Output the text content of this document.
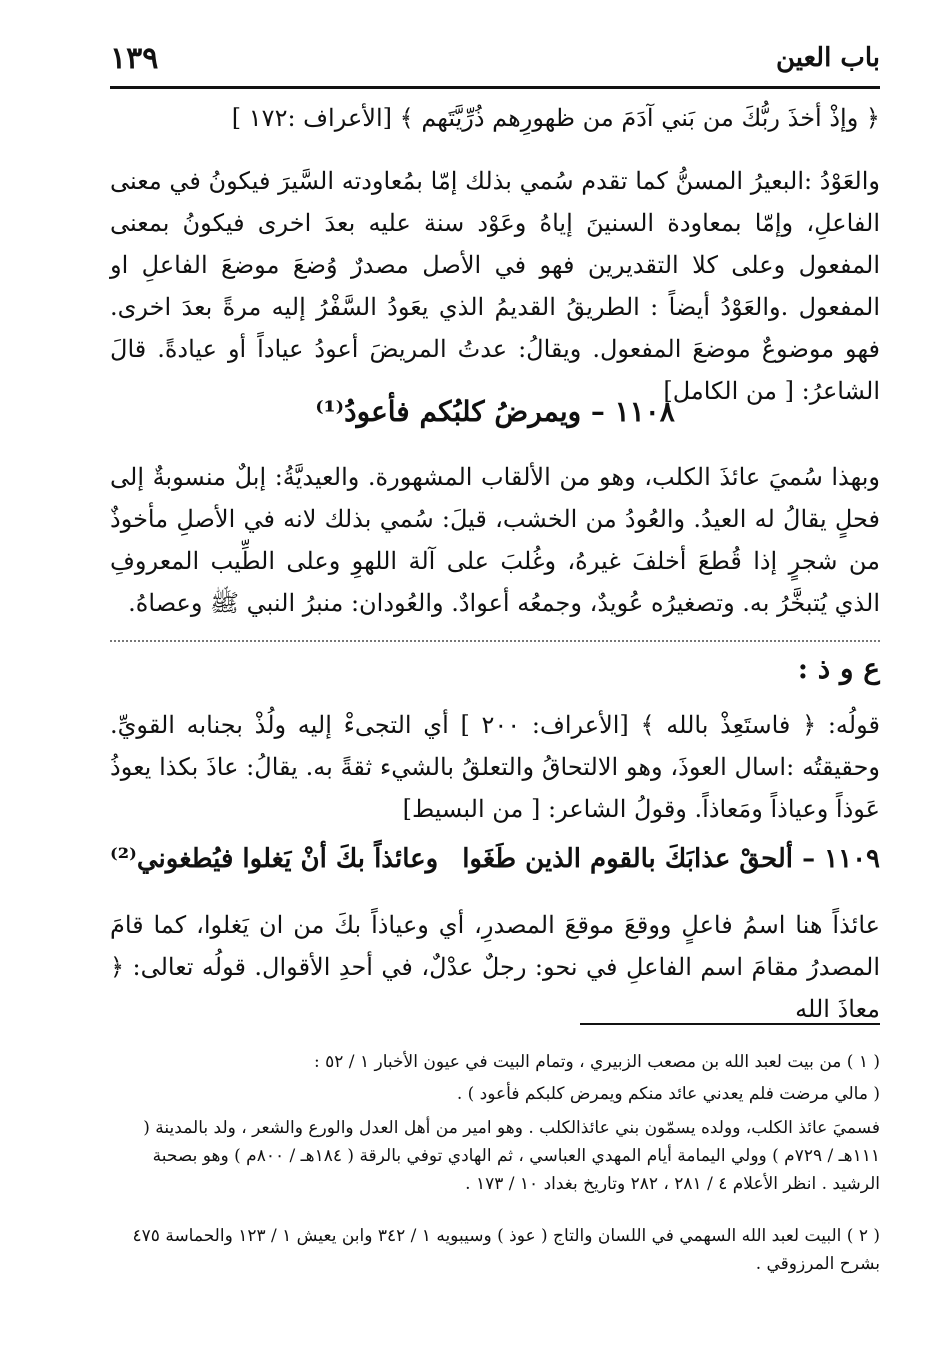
١٣٩	باب العين
﴿ وإذْ أخذَ ربُّكَ من بَني آدَمَ من ظهورِهم ذُرِّيَّتَهم ﴾ [الأعراف :١٧٢ ]
والعَوْدُ :البعيرُ المسنُّ كما تقدم سُمي بذلك إمّا بمُعاودته السَّيرَ فيكونُ في معنى الفاعلِ، وإمّا بمعاودة السنينَ إياهُ وعَوْد سنة عليه بعدَ اخرى فيكونُ بمعنى المفعول وعلى كلا التقديرين فهو في الأصل مصدرٌ وُضعَ موضعَ الفاعلِ او المفعول .والعَوْدُ أيضاً : الطريقُ القديمُ الذي يعَودُ السَّفْرُ إليه مرةً بعدَ اخرى. فهو موضوعٌ موضعَ المفعول. ويقالُ: عدتُ المريضَ أعودُ عياداً أو عيادةً. قالَ الشاعرُ: [ من الكامل]
١١٠٨ – ويمرضُ كلبُكم فأعودُ⁽¹⁾
وبهذا سُميَ عائذَ الكلب، وهو من الألقاب المشهورة. والعيديَّةُ: إبلٌ منسوبةٌ إلى فحلٍ يقالُ له العيدُ. والعُودُ من الخشب، قيلَ: سُمي بذلك لانه في الأصلِ مأخوذٌ من شجرٍ إذا قُطعَ أخلفَ غيرهُ، وغُلبَ على آلة اللهوِ وعلى الطِّيب المعروفِ الذي يُتبخَّرُ به. وتصغيرُه عُويدٌ، وجمعُه أعوادٌ. والعُودان: منبرُ النبي ﷺ وعصاهُ.
ع و ذ :
قولُه: ﴿ فاستَعِذْ بالله ﴾ [الأعراف: ٢٠٠ ] أي التجىءْ إليه ولُذْ بجنابه القويِّ. وحقيقتُه :اسال العوذَ، وهو الالتحاقُ والتعلقُ بالشيء ثقةً به. يقالُ: عاذَ بكذا يعوذُ عَوذاً وعياذاً ومَعاذاً. وقولُ الشاعر: [ من البسيط]
١١٠٩ – ألحقْ عذابَكَ بالقوم الذين طَغَوا
وعائذاً بكَ أنْ يَغلوا فيُطغوني⁽²⁾
عائذاً هنا اسمُ فاعلٍ ووقعَ موقعَ المصدرِ، أي وعياذاً بكَ من ان يَغلوا، كما قامَ المصدرُ مقامَ اسم الفاعلِ في نحو: رجلٌ عدْلٌ، في أحدِ الأقوال. قولُه تعالى: ﴿ معاذَ الله
( ١ ) من بيت لعبد الله بن مصعب الزبيري ، وتمام البيت في عيون الأخبار ١ / ٥٢ :
( مالي مرضت فلم يعدني عائد منكم ويمرض كلبكم فأعود ) .
فسميَ عائذ الكلب، وولده يسمّون بني عائذالكلب . وهو امير من أهل العدل والورع والشعر ، ولد بالمدينة ( ١١١هـ / ٧٢٩م ) وولي اليمامة أيام المهدي العباسي ، ثم الهادي توفي بالرقة ( ١٨٤هـ / ٨٠٠م ) وهو بصحبة الرشيد . انظر الأعلام ٤ / ٢٨١ ، ٢٨٢ وتاريخ بغداد ١٠ / ١٧٣ .
( ٢ ) البيت لعبد الله السهمي في اللسان والتاج ( عوذ ) وسيبويه ١ / ٣٤٢ وابن يعيش ١ / ١٢٣ والحماسة ٤٧٥ بشرح المرزوقي .
